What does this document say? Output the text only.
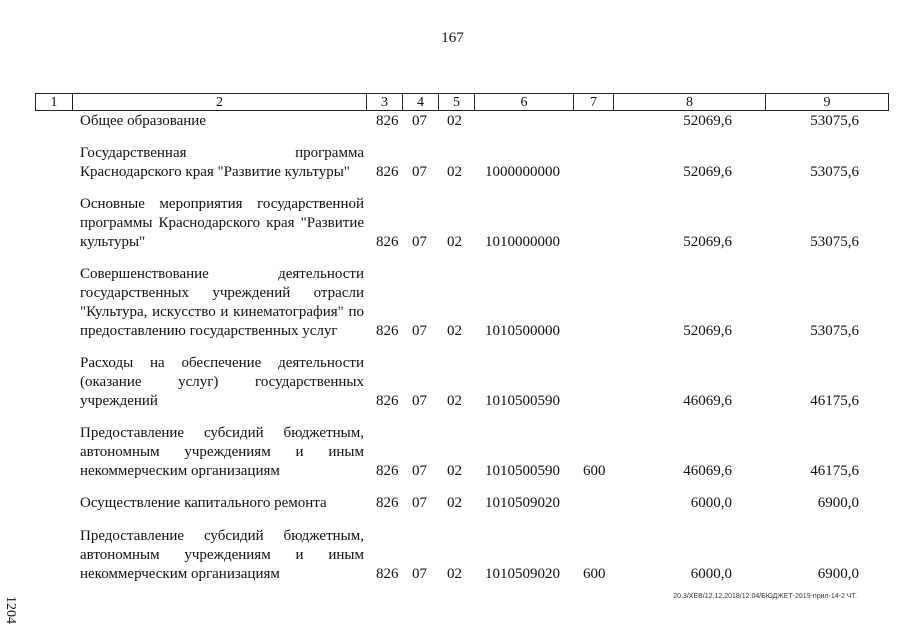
167
1	2	3	4	5	6	7	8	9
Общее образование	826 07 02	52069,6	53075,6
Государственная программа Краснодарского края "Развитие культуры"	826 07 02 1000000000	52069,6	53075,6
Основные мероприятия государственной программы Краснодарского края "Развитие культуры"	826 07 02 1010000000	52069,6	53075,6
Совершенствование деятельности государственных учреждений отрасли "Культура, искусство и кинематография" по предоставлению государственных услуг	826 07 02 1010500000	52069,6	53075,6
Расходы на обеспечение деятельности (оказание услуг) государственных учреждений	826 07 02 1010500590	46069,6	46175,6
Предоставление субсидий бюджетным, автономным учреждениям и иным некоммерческим организациям	826 07 02 1010500590 600	46069,6	46175,6
Осуществление капитального ремонта	826 07 02 1010509020	6000,0	6900,0
Предоставление субсидий бюджетным, автономным учреждениям и иным некоммерческим организациям	826 07 02 1010509020 600	6000,0	6900,0
20.3/ХЕВ/12.12.2018/12:04/БЮДЖЕТ-2019-прил-14-2 ЧТ.
1204
